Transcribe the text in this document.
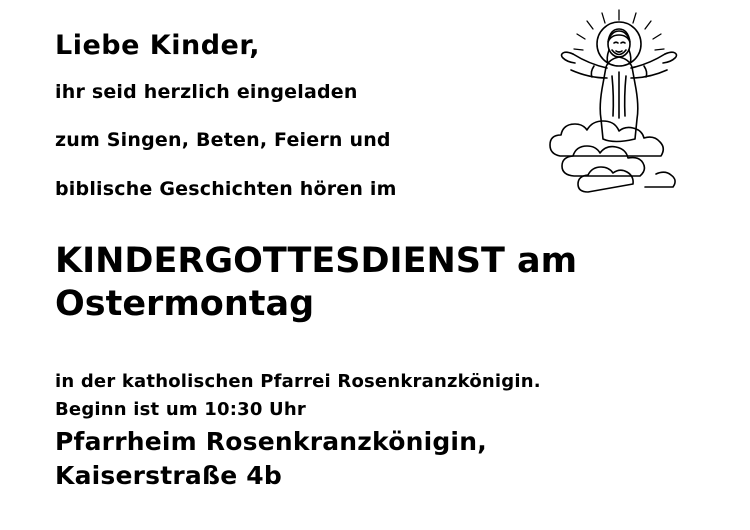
Liebe Kinder,

ihr seid herzlich eingeladen

zum Singen, Beten, Feiern und

biblische Geschichten hören im

KINDERGOTTESDIENST am
Ostermontag
in der katholischen Pfarrei Rosenkranzkönigin.
Beginn ist um 10:30 Uhr
Pfarrheim Rosenkranzkönigin,
Kaiserstraße 4b
